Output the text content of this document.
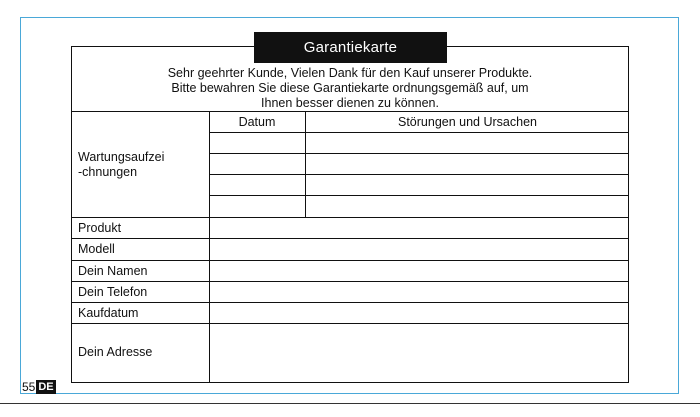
Sehr geehrter Kunde, Vielen Dank für den Kauf unserer Produkte.
Bitte bewahren Sie diese Garantiekarte ordnungsgemäß auf, um
Ihnen besser dienen zu können.
Garantiekarte
Datum	Störungen und Ursachen
Wartungsaufzei
-chnungen
Produkt
Modell
Dein Namen
Dein Telefon
Kaufdatum
Dein Adresse
55 DE
